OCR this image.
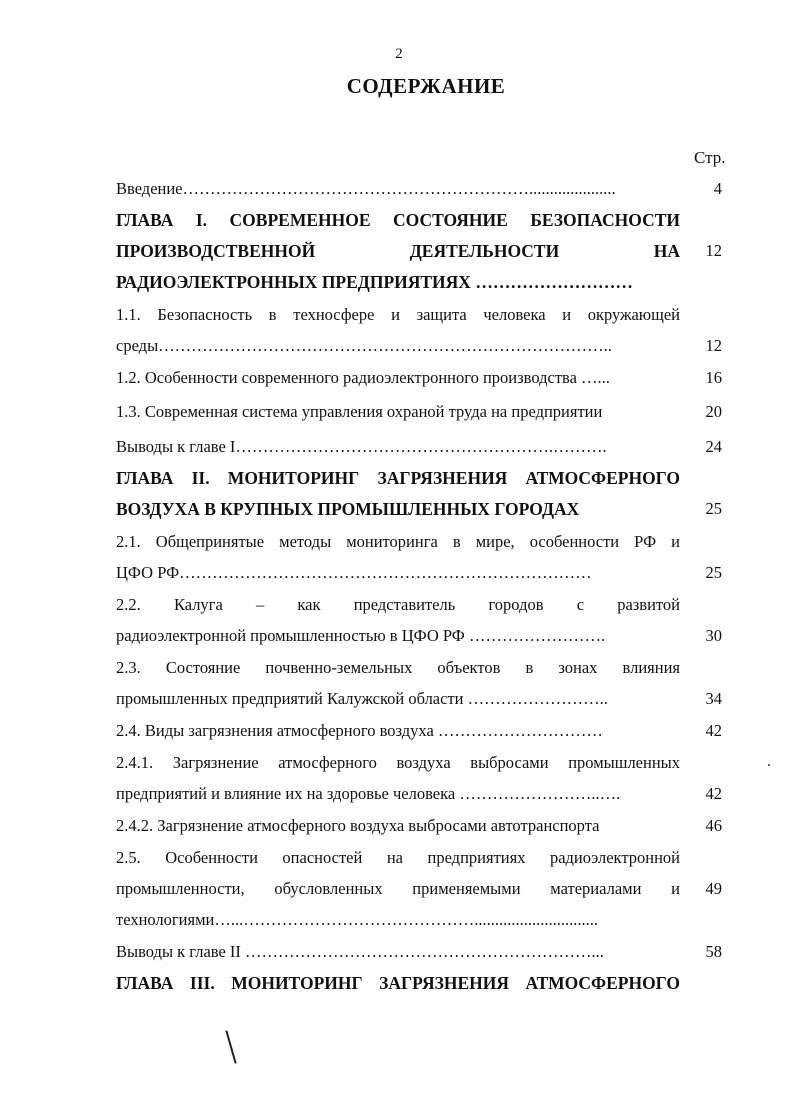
2
СОДЕРЖАНИЕ
Стр.
Введение……………………………………………………….....................	4
ГЛАВА I. СОВРЕМЕННОЕ СОСТОЯНИЕ БЕЗОПАСНОСТИ
ПРОИЗВОДСТВЕННОЙ ДЕЯТЕЛЬНОСТИ НА	12
РАДИОЭЛЕКТРОННЫХ ПРЕДПРИЯТИЯХ ………………………
1.1. Безопасность в техносфере и защита человека и окружающей
среды………………………………………………………………………..	12
1.2. Особенности современного радиоэлектронного производства …...	16
1.3. Современная система управления охраной труда на предприятии	20
Выводы к главе I………………………………………………….……….	24
ГЛАВА II. МОНИТОРИНГ ЗАГРЯЗНЕНИЯ АТМОСФЕРНОГО
ВОЗДУХА В КРУПНЫХ ПРОМЫШЛЕННЫХ ГОРОДАХ	25
2.1. Общепринятые методы мониторинга в мире, особенности РФ и
ЦФО РФ…………………………………………………………………	25
2.2. Калуга – как представитель городов с развитой
радиоэлектронной промышленностью в ЦФО РФ …………………….	30
2.3. Состояние почвенно-земельных объектов в зонах влияния
промышленных предприятий Калужской области ……………………..	34
2.4. Виды загрязнения атмосферного воздуха …………………………	42
2.4.1. Загрязнение атмосферного воздуха выбросами промышленных
предприятий и влияние их на здоровье человека ……………………..….	42
2.4.2. Загрязнение атмосферного воздуха выбросами автотранспорта	46
2.5. Особенности опасностей на предприятиях радиоэлектронной
промышленности, обусловленных применяемыми материалами и	49
технологиями…...……………………………………..............................
Выводы к главе II ………………………………………………………...	58
ГЛАВА III. МОНИТОРИНГ ЗАГРЯЗНЕНИЯ АТМОСФЕРНОГО
